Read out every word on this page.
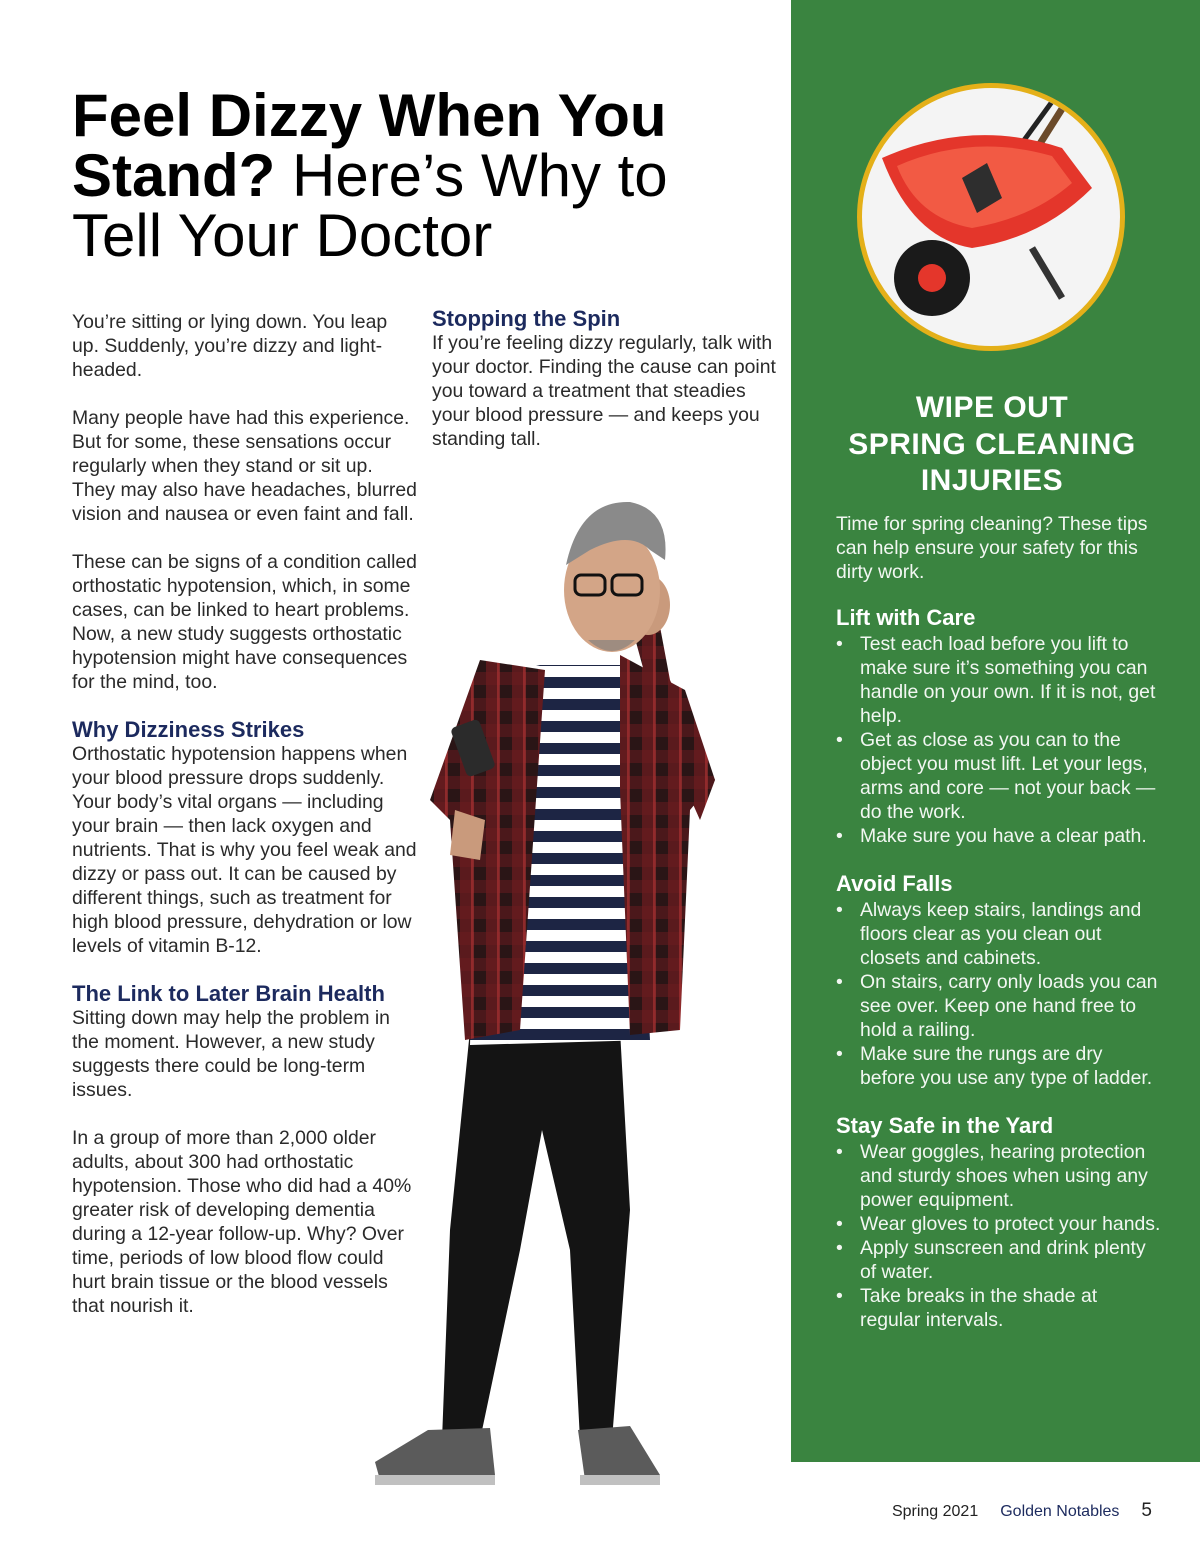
Feel Dizzy When You
Stand? Here’s Why to
Tell Your Doctor

You’re sitting or lying down. You leap up. Suddenly, you’re dizzy and light-headed.

Many people have had this experience. But for some, these sensations occur regularly when they stand or sit up. They may also have headaches, blurred vision and nausea or even faint and fall.

These can be signs of a condition called orthostatic hypotension, which, in some cases, can be linked to heart problems. Now, a new study suggests orthostatic hypotension might have consequences for the mind, too.

Why Dizziness Strikes

Orthostatic hypotension happens when your blood pressure drops suddenly. Your body’s vital organs — including your brain — then lack oxygen and nutrients. That is why you feel weak and dizzy or pass out. It can be caused by different things, such as treatment for high blood pressure, dehydration or low levels of vitamin B-12.

The Link to Later Brain Health

Sitting down may help the problem in the moment. However, a new study suggests there could be long-term issues.

In a group of more than 2,000 older adults, about 300 had orthostatic hypotension. Those who did had a 40% greater risk of developing dementia during a 12-year follow-up. Why? Over time, periods of low blood flow could hurt brain tissue or the blood vessels that nourish it.

Stopping the Spin

If you’re feeling dizzy regularly, talk with your doctor. Finding the cause can point you toward a treatment that steadies your blood pressure — and keeps you standing tall.

WIPE OUT
SPRING CLEANING
INJURIES

Time for spring cleaning? These tips can help ensure your safety for this dirty work.

Lift with Care
• Test each load before you lift to make sure it’s something you can handle on your own. If it is not, get help.
• Get as close as you can to the object you must lift. Let your legs, arms and core — not your back — do the work.
• Make sure you have a clear path.
Avoid Falls
• Always keep stairs, landings and floors clear as you clean out closets and cabinets.
• On stairs, carry only loads you can see over. Keep one hand free to hold a railing.
• Make sure the rungs are dry before you use any type of ladder.
Stay Safe in the Yard
• Wear goggles, hearing protection and sturdy shoes when using any power equipment.
• Wear gloves to protect your hands.
• Apply sunscreen and drink plenty of water.
• Take breaks in the shade at regular intervals.
Spring 2021 Golden Notables 5
